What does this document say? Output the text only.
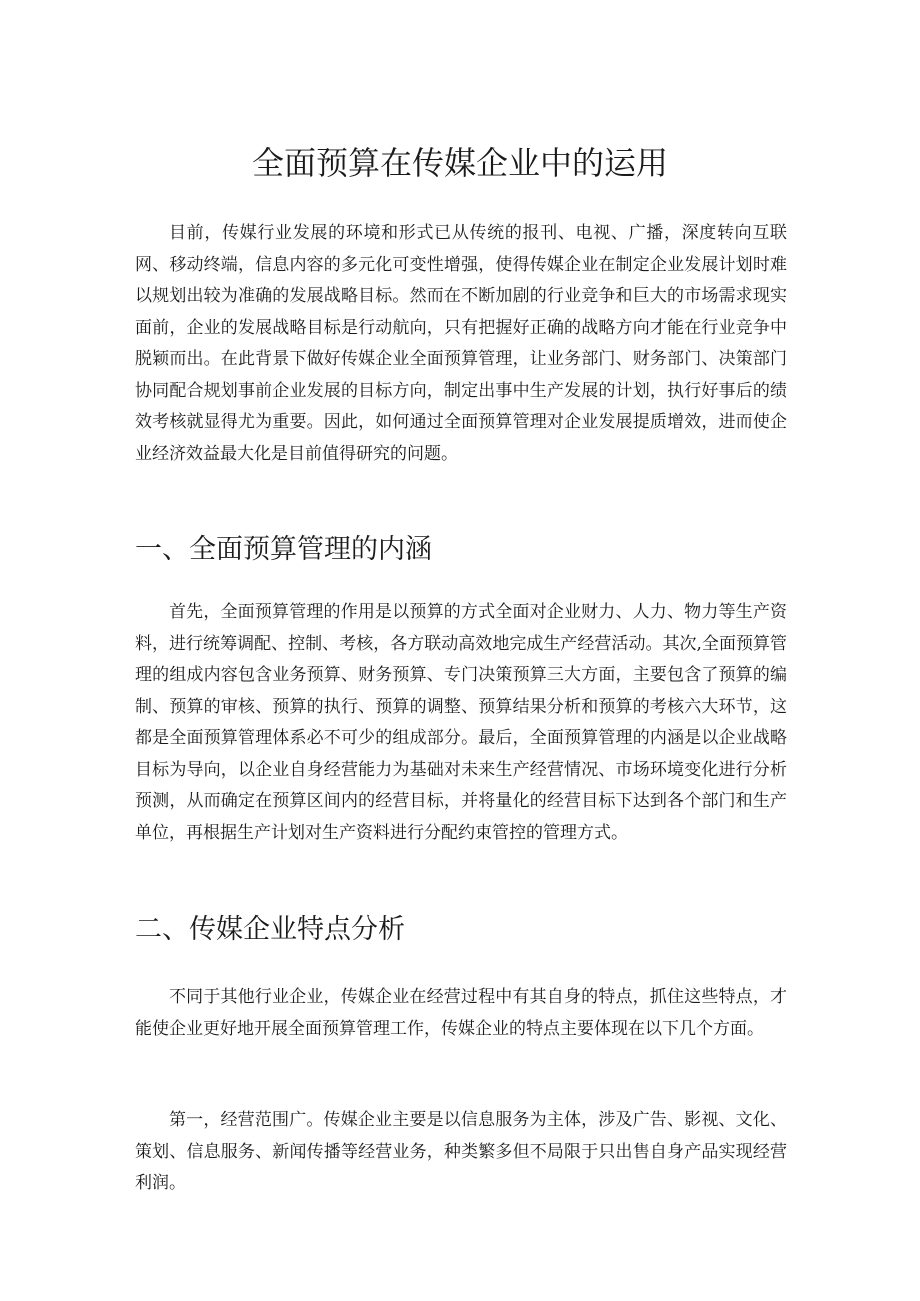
全面预算在传媒企业中的运用

目前，传媒行业发展的环境和形式已从传统的报刊、电视、广播，深度转向互联网、移动终端，信息内容的多元化可变性增强，使得传媒企业在制定企业发展计划时难以规划出较为准确的发展战略目标。然而在不断加剧的行业竞争和巨大的市场需求现实面前，企业的发展战略目标是行动航向，只有把握好正确的战略方向才能在行业竞争中脱颖而出。在此背景下做好传媒企业全面预算管理，让业务部门、财务部门、决策部门协同配合规划事前企业发展的目标方向，制定出事中生产发展的计划，执行好事后的绩效考核就显得尤为重要。因此，如何通过全面预算管理对企业发展提质增效，进而使企业经济效益最大化是目前值得研究的问题。

一、全面预算管理的内涵

首先，全面预算管理的作用是以预算的方式全面对企业财力、人力、物力等生产资料，进行统筹调配、控制、考核，各方联动高效地完成生产经营活动。其次,全面预算管理的组成内容包含业务预算、财务预算、专门决策预算三大方面，主要包含了预算的编制、预算的审核、预算的执行、预算的调整、预算结果分析和预算的考核六大环节，这都是全面预算管理体系必不可少的组成部分。最后，全面预算管理的内涵是以企业战略目标为导向，以企业自身经营能力为基础对未来生产经营情况、市场环境变化进行分析预测，从而确定在预算区间内的经营目标，并将量化的经营目标下达到各个部门和生产单位，再根据生产计划对生产资料进行分配约束管控的管理方式。

二、传媒企业特点分析

不同于其他行业企业，传媒企业在经营过程中有其自身的特点，抓住这些特点，才能使企业更好地开展全面预算管理工作，传媒企业的特点主要体现在以下几个方面。

第一，经营范围广。传媒企业主要是以信息服务为主体，涉及广告、影视、文化、策划、信息服务、新闻传播等经营业务，种类繁多但不局限于只出售自身产品实现经营利润。
